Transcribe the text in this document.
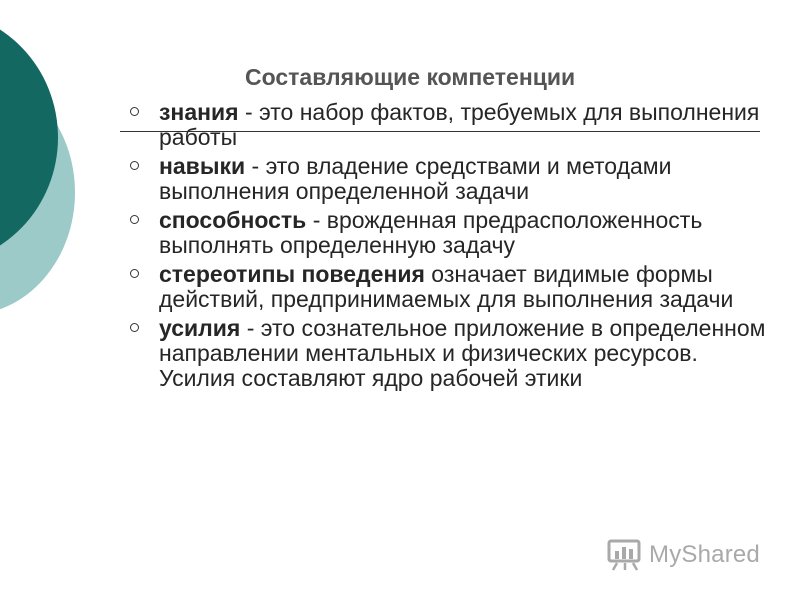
Составляющие компетенции
знания - это набор фактов, требуемых для выполнения работы
навыки - это владение средствами и методами выполнения определенной задачи
способность - врожденная предрасположенность выполнять определенную задачу
стереотипы поведения означает видимые формы действий, предпринимаемых для выполнения задачи
усилия - это сознательное приложение в определенном направлении ментальных и физических ресурсов. Усилия составляют ядро рабочей этики
MyShared
